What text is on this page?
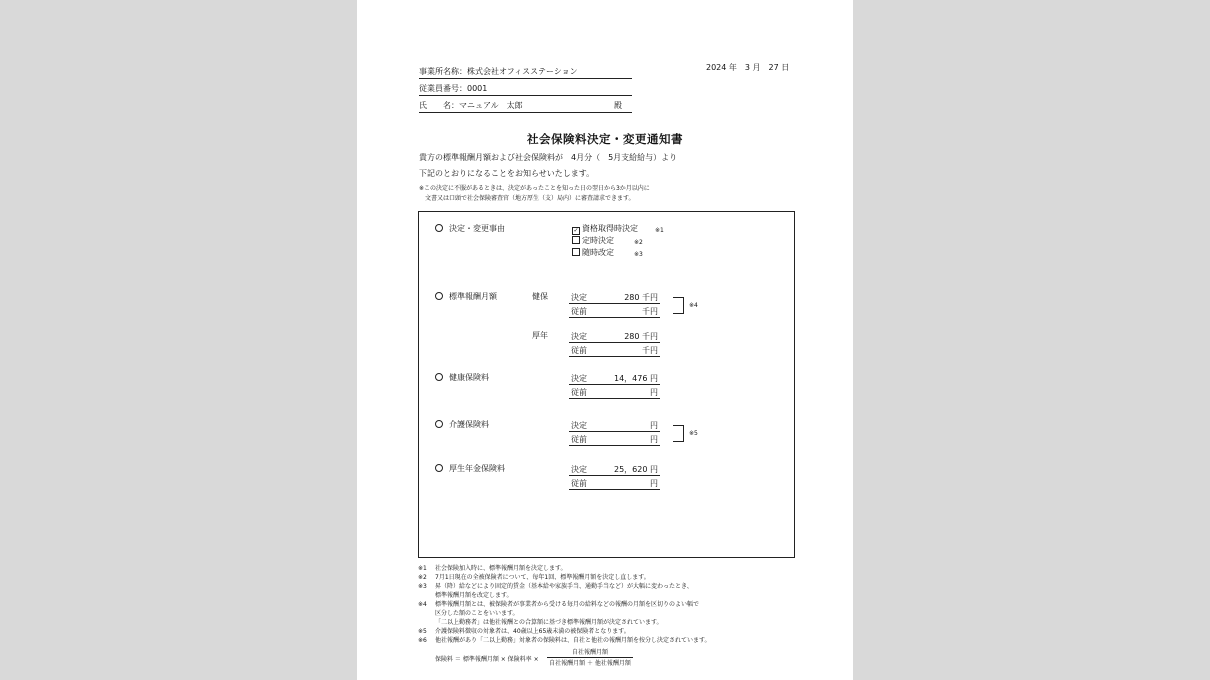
2024 年　3 月　27 日
事業所名称：株式会社オフィスステーション
従業員番号：0001
氏　　名：マニュアル　太郎	殿
社会保険料決定・変更通知書
貴方の標準報酬月額および社会保険料が　4月分（　5月支給給与）より
下記のとおりになることをお知らせいたします。
※この決定に不服があるときは、決定があったことを知った日の翌日から3か月以内に
　文書又は口頭で社会保険審査官（地方厚生（支）局内）に審査請求できます。
決定・変更事由	✓ 資格取得時決定	※1
定時決定	※2
随時改定	※3
標準報酬月額	健保	決定	280 千円
従前	千円
※4
厚年	決定	280 千円
従前	千円
健康保険料	決定	14，476 円
従前	円
介護保険料	決定	円
従前	円
※5
厚生年金保険料	決定	25，620 円
従前	円
※1 社会保険加入時に、標準報酬月額を決定します。
※2 7月1日現在の全被保険者について、毎年1回、標準報酬月額を決定し直します。
※3 昇（降）給などにより固定的賃金（基本給や家族手当、通勤手当など）が大幅に変わったとき、
標準報酬月額を改定します。
※4 標準報酬月額とは、被保険者が事業者から受ける毎月の給料などの報酬の月額を区切りのよい幅で
区分した額のことをいいます。
「二以上勤務者」は他社報酬との合算額に基づき標準報酬月額が決定されています。
※5 介護保険料徴収の対象者は、40歳以上65歳未満の被保険者となります。
※6 他社報酬があり「二以上勤務」対象者の保険料は、自社と他社の報酬月額を按分し決定されています。
保険料 ＝ 標準報酬月額 × 保険料率 ×
自社報酬月額
自社報酬月額 ＋ 他社報酬月額
